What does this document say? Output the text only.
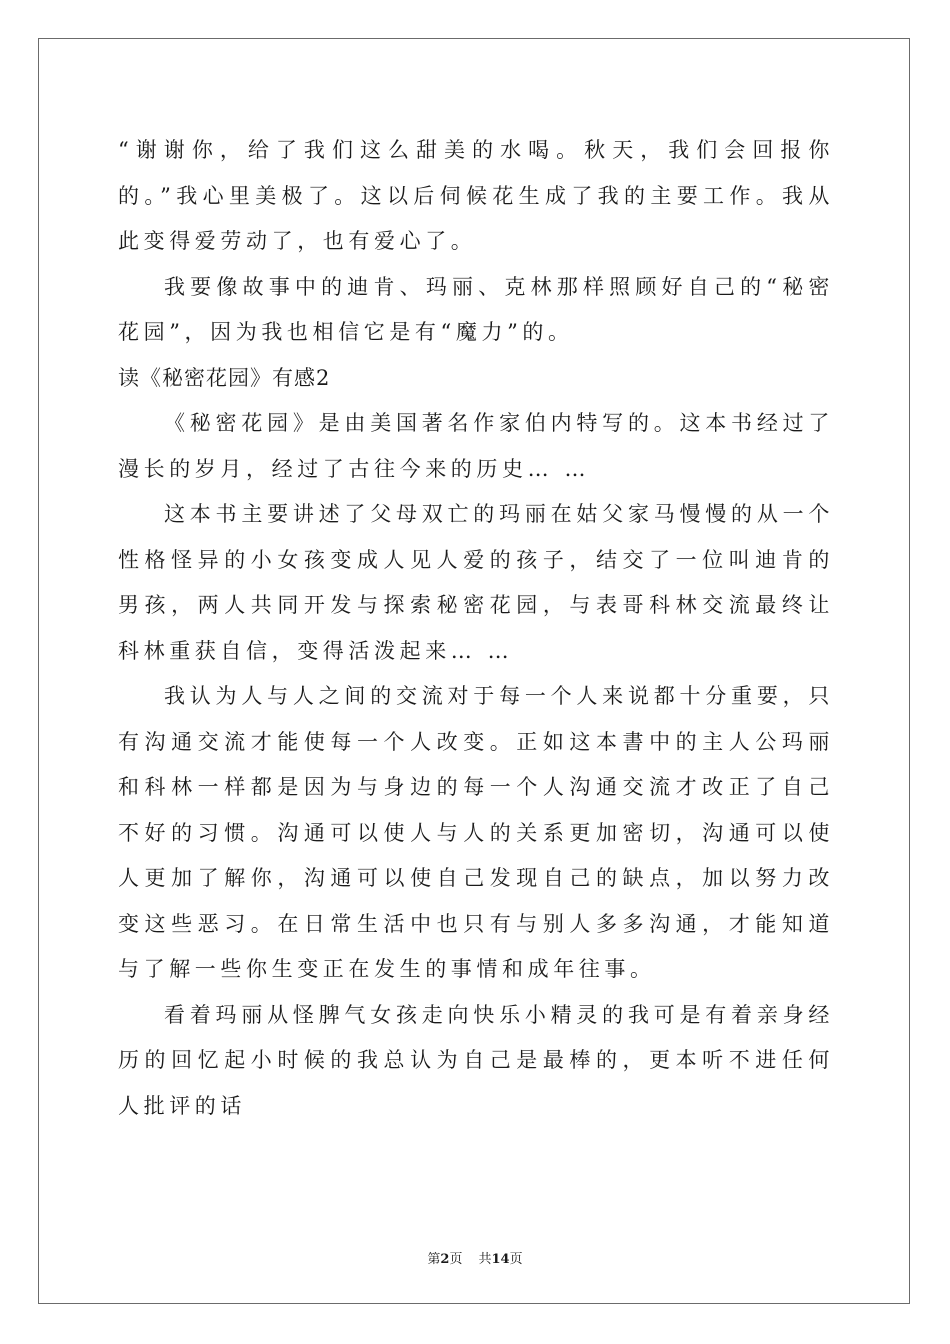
“谢谢你，给了我们这么甜美的水喝。秋天，我们会回报你的。”我心里美极了。这以后伺候花生成了我的主要工作。我从此变得爱劳动了，也有爱心了。

我要像故事中的迪肯、玛丽、克林那样照顾好自己的“秘密花园”，因为我也相信它是有“魔力”的。

读《秘密花园》有感2

《秘密花园》是由美国著名作家伯内特写的。这本书经过了漫长的岁月，经过了古往今来的历史… …

这本书主要讲述了父母双亡的玛丽在姑父家马慢慢的从一个性格怪异的小女孩变成人见人爱的孩子，结交了一位叫迪肯的男孩，两人共同开发与探索秘密花园，与表哥科林交流最终让科林重获自信，变得活泼起来… …

我认为人与人之间的交流对于每一个人来说都十分重要，只有沟通交流才能使每一个人改变。正如这本書中的主人公玛丽和科林一样都是因为与身边的每一个人沟通交流才改正了自己不好的习惯。沟通可以使人与人的关系更加密切，沟通可以使人更加了解你，沟通可以使自己发现自己的缺点，加以努力改变这些恶习。在日常生活中也只有与别人多多沟通，才能知道与了解一些你生变正在发生的事情和成年往事。

看着玛丽从怪脾气女孩走向快乐小精灵的我可是有着亲身经历的回忆起小时候的我总认为自己是最棒的，更本听不进任何人批评的话

第2页 共14页
